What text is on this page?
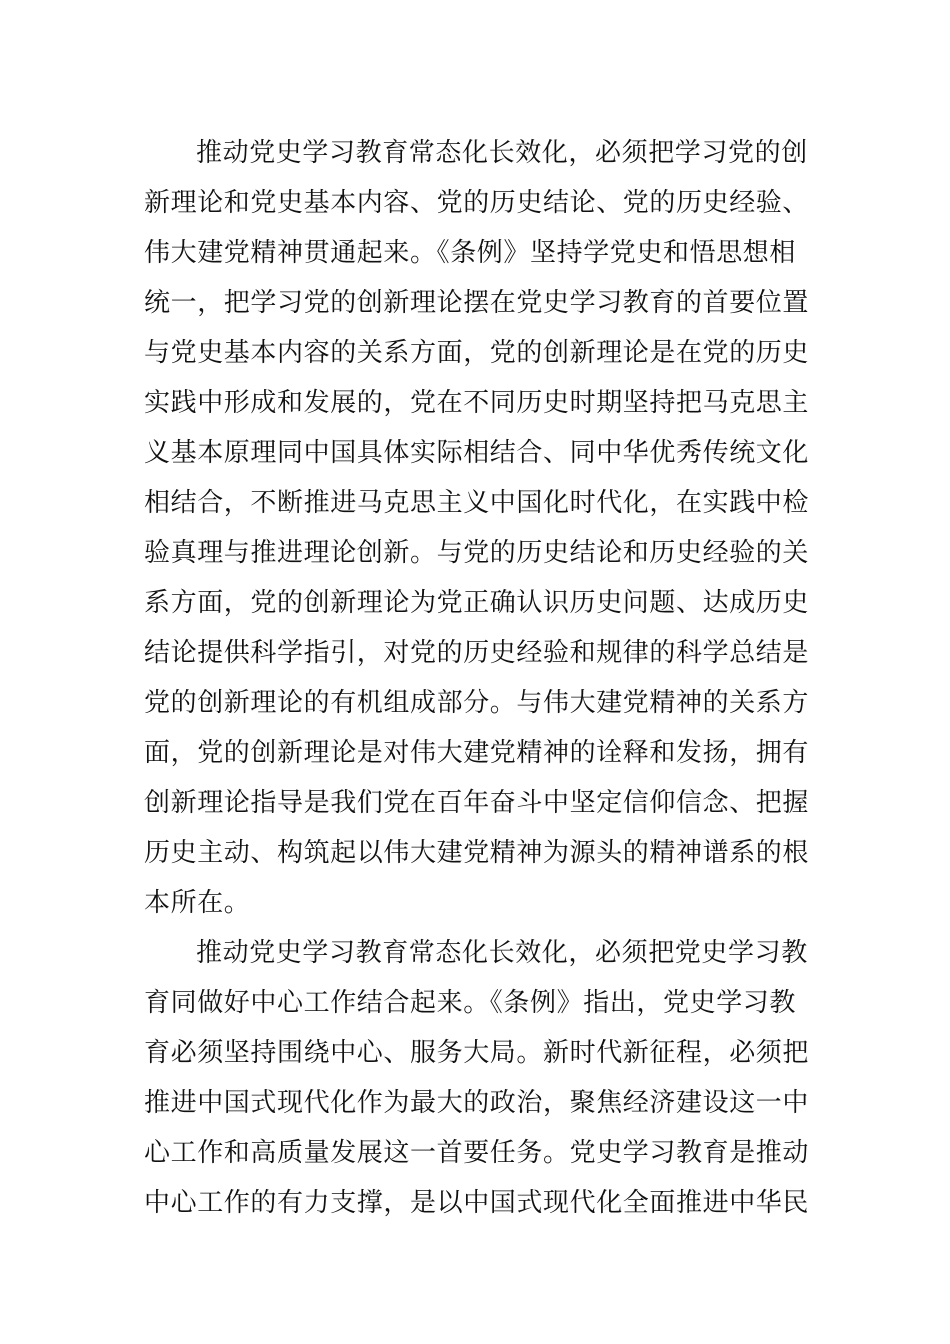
推动党史学习教育常态化长效化，必须把学习党的创
新理论和党史基本内容、党的历史结论、党的历史经验、
伟大建党精神贯通起来。《条例》坚持学党史和悟思想相
统一，把学习党的创新理论摆在党史学习教育的首要位置
与党史基本内容的关系方面，党的创新理论是在党的历史
实践中形成和发展的，党在不同历史时期坚持把马克思主
义基本原理同中国具体实际相结合、同中华优秀传统文化
相结合，不断推进马克思主义中国化时代化，在实践中检
验真理与推进理论创新。与党的历史结论和历史经验的关
系方面，党的创新理论为党正确认识历史问题、达成历史
结论提供科学指引，对党的历史经验和规律的科学总结是
党的创新理论的有机组成部分。与伟大建党精神的关系方
面，党的创新理论是对伟大建党精神的诠释和发扬，拥有
创新理论指导是我们党在百年奋斗中坚定信仰信念、把握
历史主动、构筑起以伟大建党精神为源头的精神谱系的根
本所在。
推动党史学习教育常态化长效化，必须把党史学习教
育同做好中心工作结合起来。《条例》指出，党史学习教
育必须坚持围绕中心、服务大局。新时代新征程，必须把
推进中国式现代化作为最大的政治，聚焦经济建设这一中
心工作和高质量发展这一首要任务。党史学习教育是推动
中心工作的有力支撑，是以中国式现代化全面推进中华民
